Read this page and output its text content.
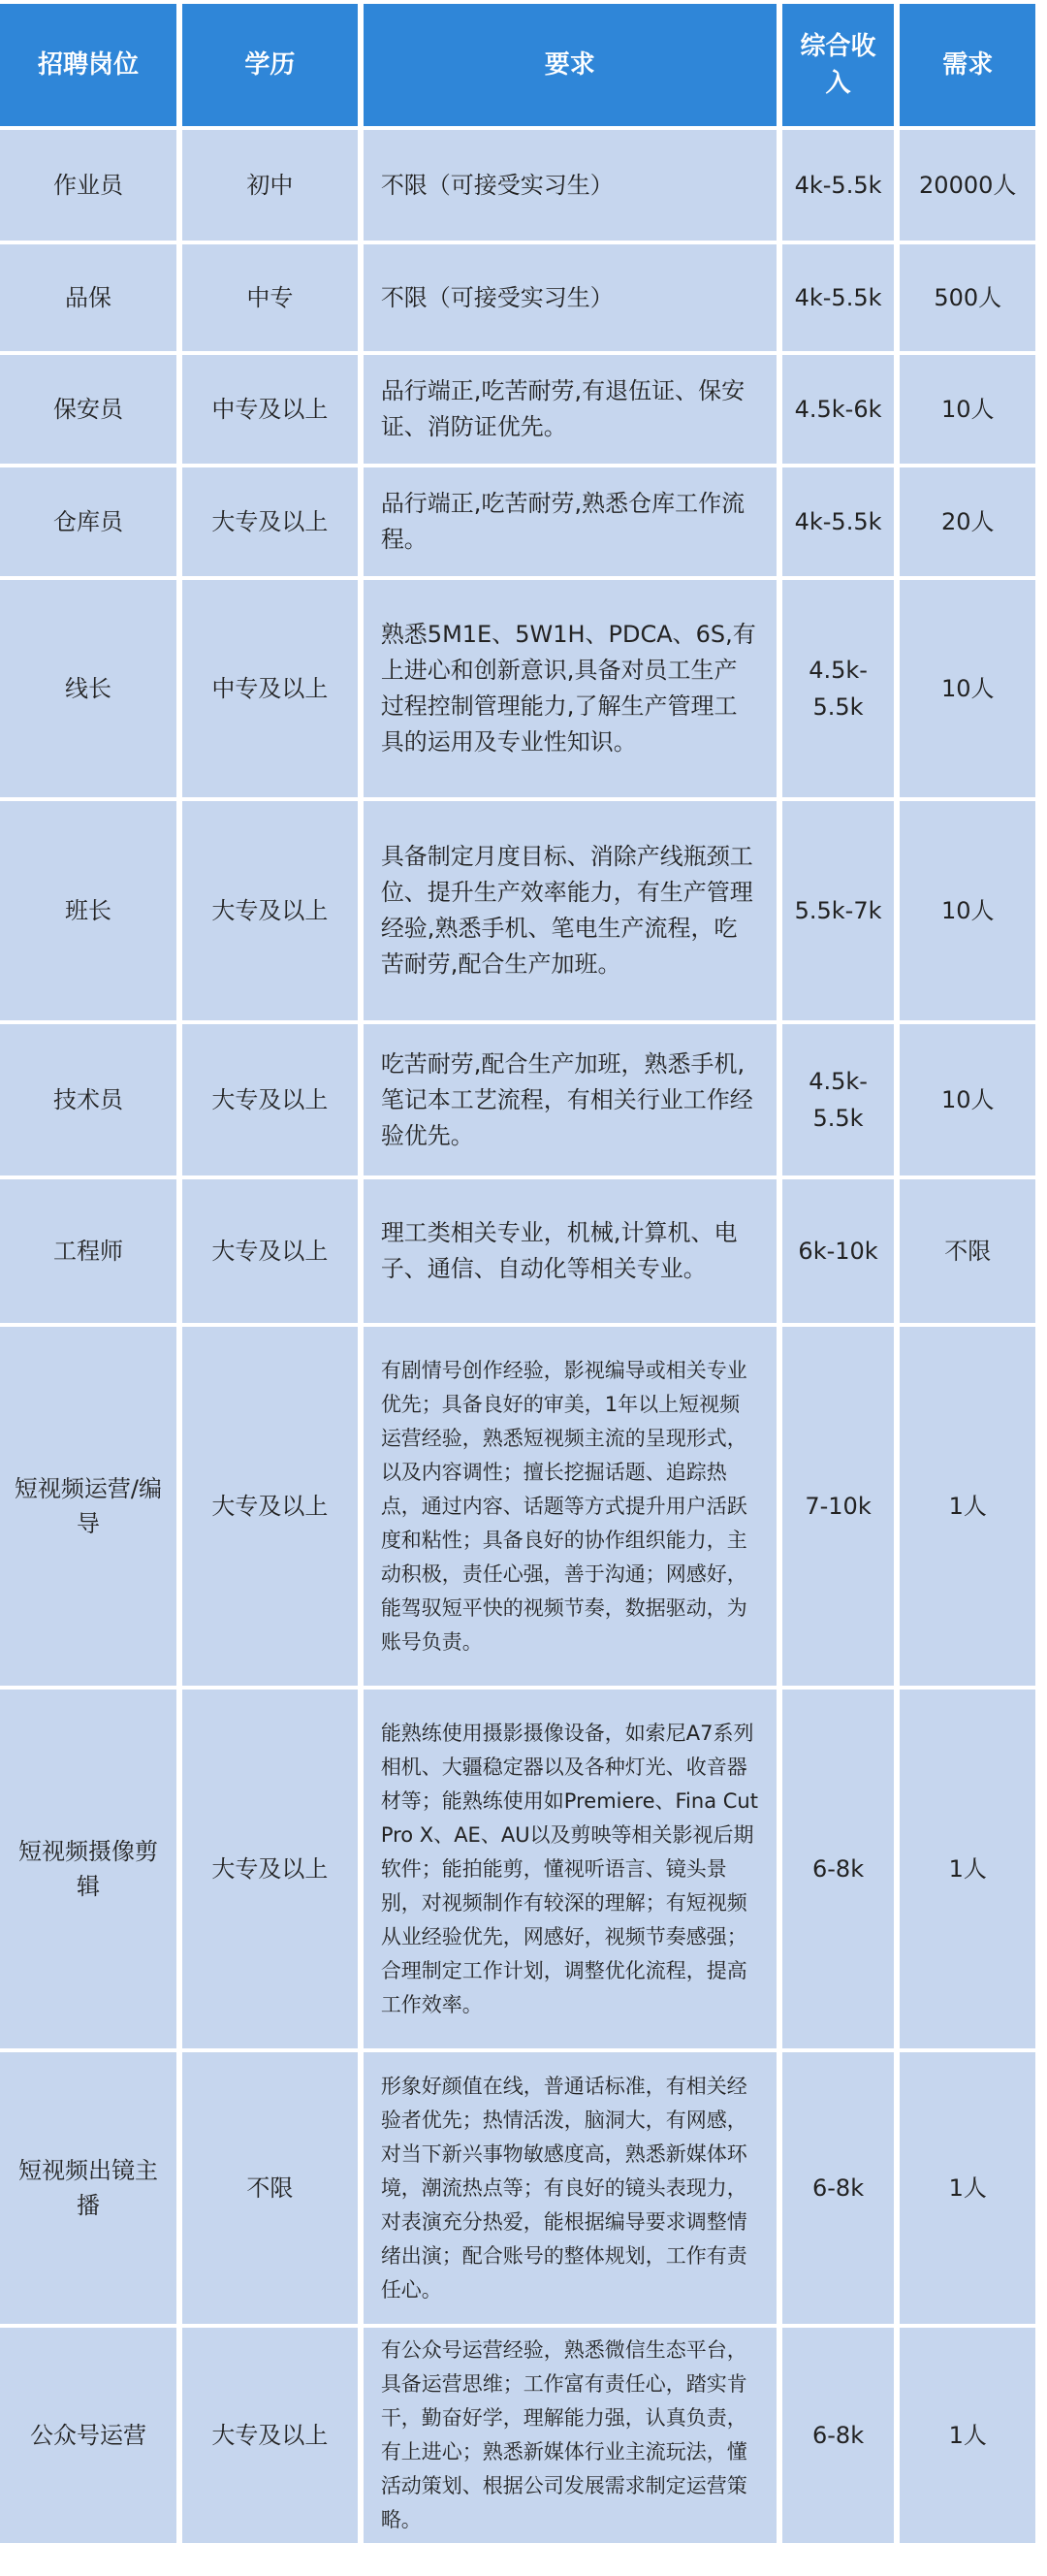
招聘岗位	学历	要求	综合收入	需求
作业员	初中	不限（可接受实习生）	4k-5.5k	20000人
品保	中专	不限（可接受实习生）	4k-5.5k	500人
保安员	中专及以上	品行端正,吃苦耐劳,有退伍证、保安证、消防证优先。	4.5k-6k	10人
仓库员	大专及以上	品行端正,吃苦耐劳,熟悉仓库工作流程。	4k-5.5k	20人
线长	中专及以上	熟悉5M1E、5W1H、PDCA、6S,有上进心和创新意识,具备对员工生产过程控制管理能力,了解生产管理工具的运用及专业性知识。	4.5k-5.5k	10人
班长	大专及以上	具备制定月度目标、消除产线瓶颈工位、提升生产效率能力，有生产管理经验,熟悉手机、笔电生产流程，吃苦耐劳,配合生产加班。	5.5k-7k	10人
技术员	大专及以上	吃苦耐劳,配合生产加班，熟悉手机,笔记本工艺流程，有相关行业工作经验优先。	4.5k-5.5k	10人
工程师	大专及以上	理工类相关专业，机械,计算机、电子、通信、自动化等相关专业。	6k-10k	不限
短视频运营/编导	大专及以上	有剧情号创作经验，影视编导或相关专业优先；具备良好的审美，1年以上短视频运营经验，熟悉短视频主流的呈现形式，以及内容调性；擅长挖掘话题、追踪热点，通过内容、话题等方式提升用户活跃度和粘性；具备良好的协作组织能力，主动积极，责任心强，善于沟通；网感好，能驾驭短平快的视频节奏，数据驱动，为账号负责。	7-10k	1人
短视频摄像剪辑	大专及以上	能熟练使用摄影摄像设备，如索尼A7系列相机、大疆稳定器以及各种灯光、收音器材等；能熟练使用如Premiere、Fina Cut Pro X、AE、AU以及剪映等相关影视后期软件；能拍能剪，懂视听语言、镜头景别，对视频制作有较深的理解；有短视频从业经验优先，网感好，视频节奏感强；合理制定工作计划，调整优化流程，提高工作效率。	6-8k	1人
短视频出镜主播	不限	形象好颜值在线，普通话标准，有相关经验者优先；热情活泼，脑洞大，有网感，对当下新兴事物敏感度高，熟悉新媒体环境，潮流热点等；有良好的镜头表现力，对表演充分热爱，能根据编导要求调整情绪出演；配合账号的整体规划，工作有责任心。	6-8k	1人
公众号运营	大专及以上	有公众号运营经验，熟悉微信生态平台，具备运营思维；工作富有责任心，踏实肯干，勤奋好学，理解能力强，认真负责，有上进心；熟悉新媒体行业主流玩法，懂活动策划、根据公司发展需求制定运营策略。	6-8k	1人
